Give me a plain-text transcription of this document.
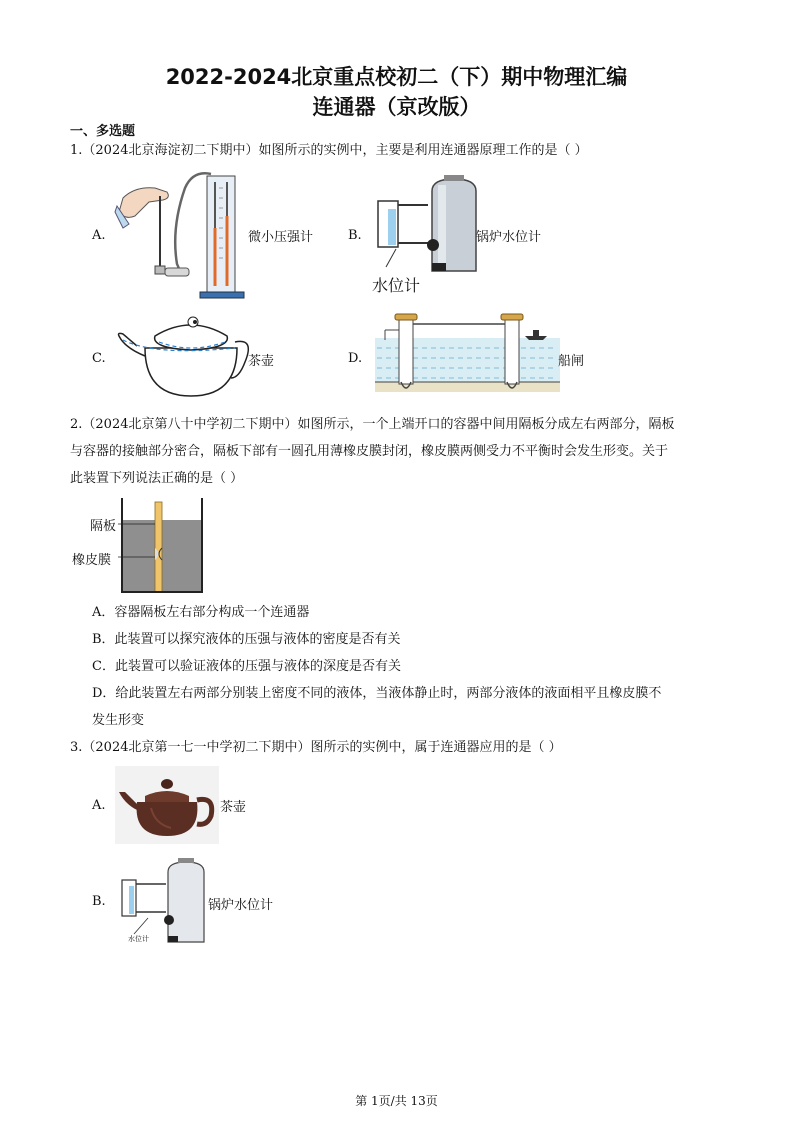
2022-2024北京重点校初二（下）期中物理汇编
连通器（京改版）
一、多选题
1.（2024北京海淀初二下期中）如图所示的实例中，主要是利用连通器原理工作的是（ ）
A.	微小压强计	B.	锅炉水位计
水位计
C.	茶壶	D.	船闸
2.（2024北京第八十中学初二下期中）如图所示，一个上端开口的容器中间用隔板分成左右两部分，隔板
与容器的接触部分密合，隔板下部有一圆孔用薄橡皮膜封闭，橡皮膜两侧受力不平衡时会发生形变。关于
此装置下列说法正确的是（ ）
隔板
橡皮膜
A．容器隔板左右部分构成一个连通器
B．此装置可以探究液体的压强与液体的密度是否有关
C．此装置可以验证液体的压强与液体的深度是否有关
D．给此装置左右两部分别装上密度不同的液体，当液体静止时，两部分液体的液面相平且橡皮膜不
发生形变
3.（2024北京第一七一中学初二下期中）图所示的实例中，属于连通器应用的是（ ）
A.	茶壶
B.
水位计
锅炉水位计
第 1页/共 13页
